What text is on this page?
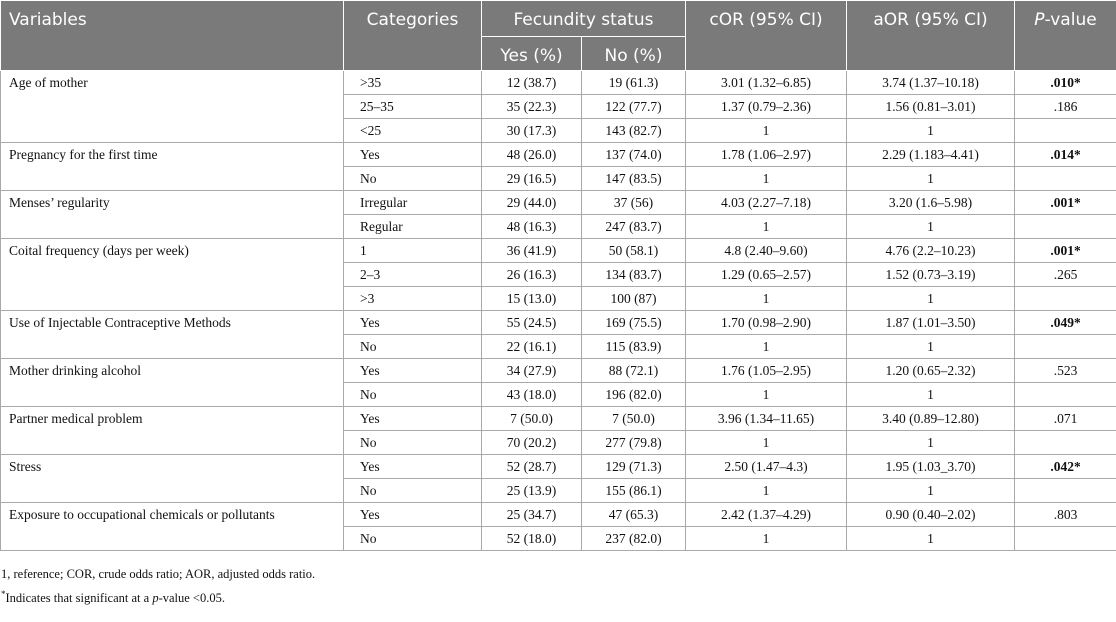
Variables	Categories	Fecundity status		cOR (95% CI)	aOR (95% CI)	P-value
		Yes (%)	No (%)			
Age of mother	>35	12 (38.7)	19 (61.3)	3.01 (1.32–6.85)	3.74 (1.37–10.18)	.010*
	25–35	35 (22.3)	122 (77.7)	1.37 (0.79–2.36)	1.56 (0.81–3.01)	.186
	<25	30 (17.3)	143 (82.7)	1	1	
Pregnancy for the first time	Yes	48 (26.0)	137 (74.0)	1.78 (1.06–2.97)	2.29 (1.183–4.41)	.014*
	No	29 (16.5)	147 (83.5)	1	1	
Menses’ regularity	Irregular	29 (44.0)	37 (56)	4.03 (2.27–7.18)	3.20 (1.6–5.98)	.001*
	Regular	48 (16.3)	247 (83.7)	1	1	
Coital frequency (days per week)	1	36 (41.9)	50 (58.1)	4.8 (2.40–9.60)	4.76 (2.2–10.23)	.001*
	2–3	26 (16.3)	134 (83.7)	1.29 (0.65–2.57)	1.52 (0.73–3.19)	.265
	>3	15 (13.0)	100 (87)	1	1	
Use of Injectable Contraceptive Methods	Yes	55 (24.5)	169 (75.5)	1.70 (0.98–2.90)	1.87 (1.01–3.50)	.049*
	No	22 (16.1)	115 (83.9)	1	1	
Mother drinking alcohol	Yes	34 (27.9)	88 (72.1)	1.76 (1.05–2.95)	1.20 (0.65–2.32)	.523
	No	43 (18.0)	196 (82.0)	1	1	
Partner medical problem	Yes	7 (50.0)	7 (50.0)	3.96 (1.34–11.65)	3.40 (0.89–12.80)	.071
	No	70 (20.2)	277 (79.8)	1	1	
Stress	Yes	52 (28.7)	129 (71.3)	2.50 (1.47–4.3)	1.95 (1.03_3.70)	.042*
	No	25 (13.9)	155 (86.1)	1	1	
Exposure to occupational chemicals or pollutants	Yes	25 (34.7)	47 (65.3)	2.42 (1.37–4.29)	0.90 (0.40–2.02)	.803
	No	52 (18.0)	237 (82.0)	1	1	
1, reference; COR, crude odds ratio; AOR, adjusted odds ratio.
*Indicates that significant at a p-value <0.05.
